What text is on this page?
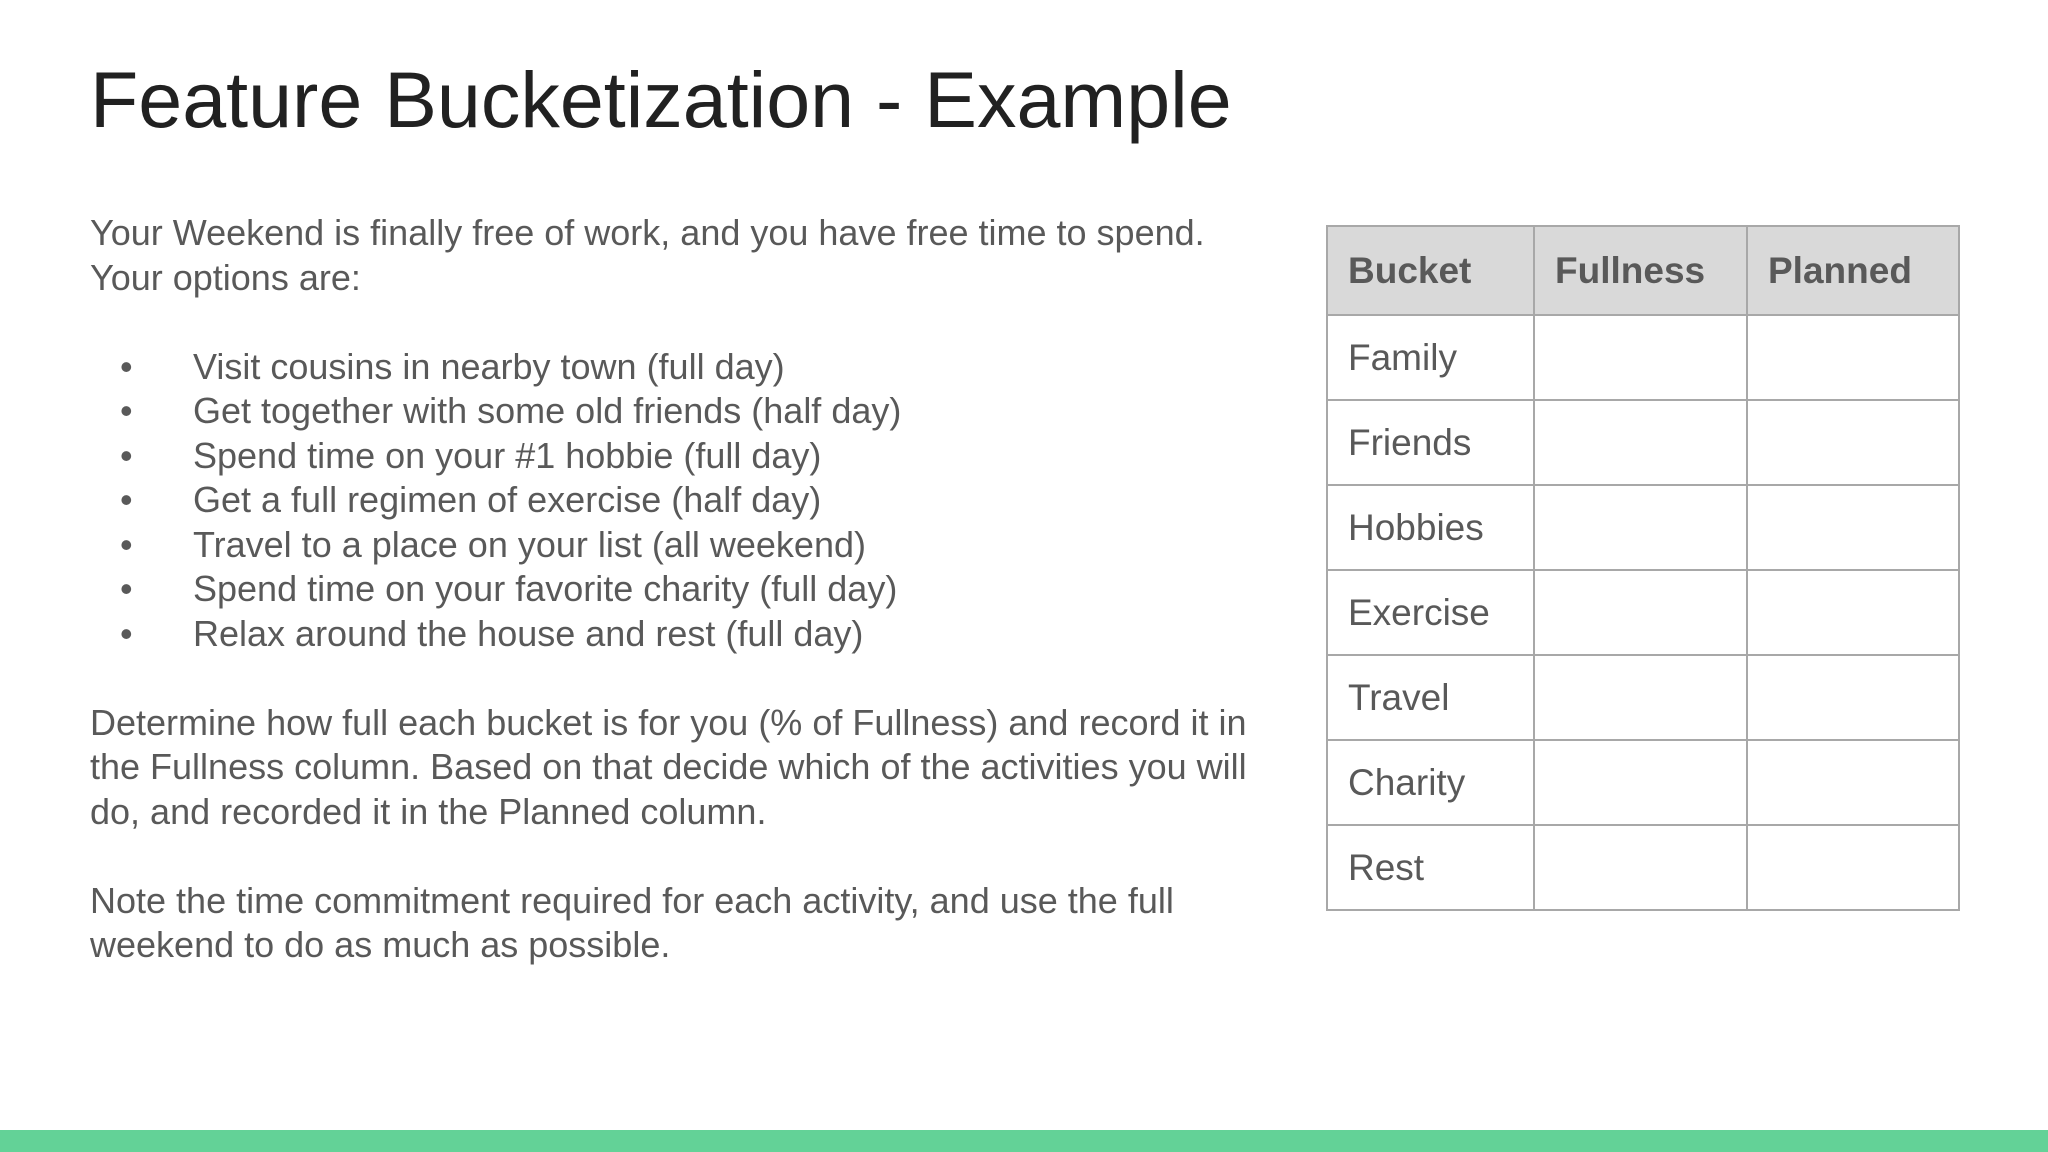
Feature Bucketization - Example

Your Weekend is finally free of work, and you have free time to spend. Your options are:

• Visit cousins in nearby town (full day)
• Get together with some old friends (half day)
• Spend time on your #1 hobbie (full day)
• Get a full regimen of exercise (half day)
• Travel to a place on your list (all weekend)
• Spend time on your favorite charity (full day)
• Relax around the house and rest (full day)

Determine how full each bucket is for you (% of Fullness) and record it in the Fullness column. Based on that decide which of the activities you will do, and recorded it in the Planned column.

Note the time commitment required for each activity, and use the full weekend to do as much as possible.

Bucket	Fullness	Planned
Family		
Friends		
Hobbies		
Exercise		
Travel		
Charity		
Rest		
